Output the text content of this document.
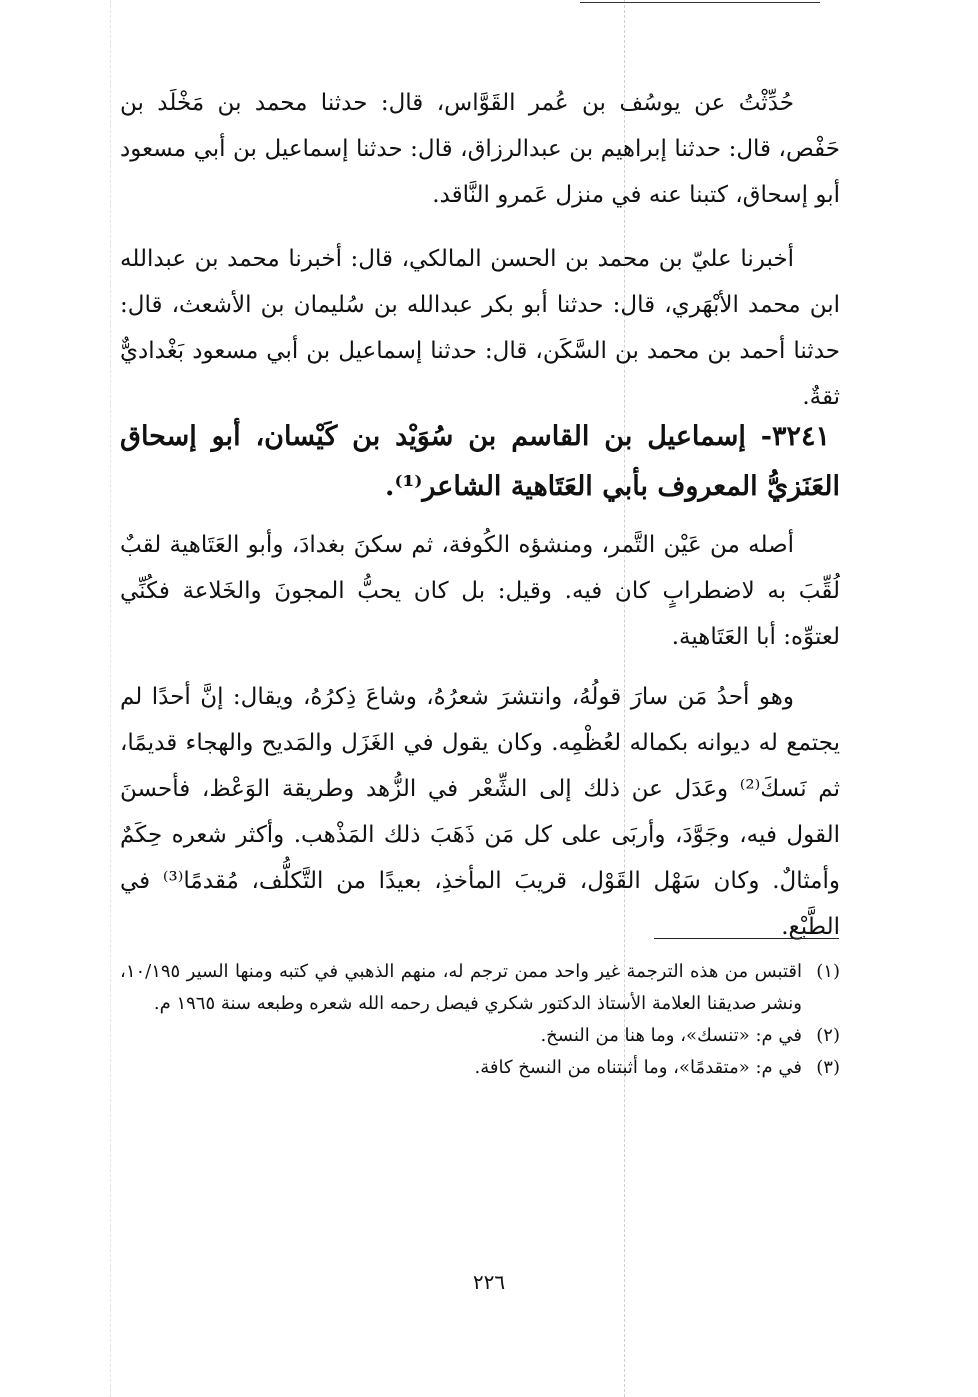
حُدِّثْتُ عن يوسُف بن عُمر القَوَّاس، قال: حدثنا محمد بن مَخْلَد بن حَفْص، قال: حدثنا إبراهيم بن عبدالرزاق، قال: حدثنا إسماعيل بن أبي مسعود أبو إسحاق، كتبنا عنه في منزل عَمرو النَّاقد.

أخبرنا عليّ بن محمد بن الحسن المالكي، قال: أخبرنا محمد بن عبدالله ابن محمد الأبْهَري، قال: حدثنا أبو بكر عبدالله بن سُليمان بن الأشعث، قال: حدثنا أحمد بن محمد بن السَّكَن، قال: حدثنا إسماعيل بن أبي مسعود بَغْداديٌّ ثقةٌ.

٣٢٤١- إسماعيل بن القاسم بن سُوَيْد بن كَيْسان، أبو إسحاق العَنَزيُّ المعروف بأبي العَتَاهية الشاعر⁽¹⁾.

أصله من عَيْن التَّمر، ومنشؤه الكُوفة، ثم سكنَ بغدادَ، وأبو العَتَاهية لقبٌ لُقِّبَ به لاضطرابٍ كان فيه. وقيل: بل كان يحبُّ المجونَ والخَلاعة فكُنِّي لعتوِّه: أبا العَتَاهية.

وهو أحدُ مَن سارَ قولُهُ، وانتشرَ شعرُهُ، وشاعَ ذِكرُهُ، ويقال: إنَّ أحدًا لم يجتمع له ديوانه بكماله لعُظْمِه. وكان يقول في الغَزَل والمَديح والهجاء قديمًا، ثم نَسكَ⁽²⁾ وعَدَل عن ذلك إلى الشِّعْر في الزُّهد وطريقة الوَعْظ، فأحسنَ القول فيه، وجَوَّدَ، وأربَى على كل مَن ذَهَبَ ذلك المَذْهب. وأكثر شعره حِكَمٌ وأمثالٌ. وكان سَهْل القَوْل، قريبَ المأخذِ، بعيدًا من التَّكلُّف، مُقدمًا⁽³⁾ في الطَّبْع.

(١)
اقتبس من هذه الترجمة غير واحد ممن ترجم له، منهم الذهبي في كتبه ومنها السير ١٠/١٩٥، ونشر صديقنا العلامة الأستاذ الدكتور شكري فيصل رحمه الله شعره وطبعه سنة ١٩٦٥ م.

(٢)
في م: «تنسك»، وما هنا من النسخ.

(٣)
في م: «متقدمًا»، وما أثبتناه من النسخ كافة.

٢٢٦
